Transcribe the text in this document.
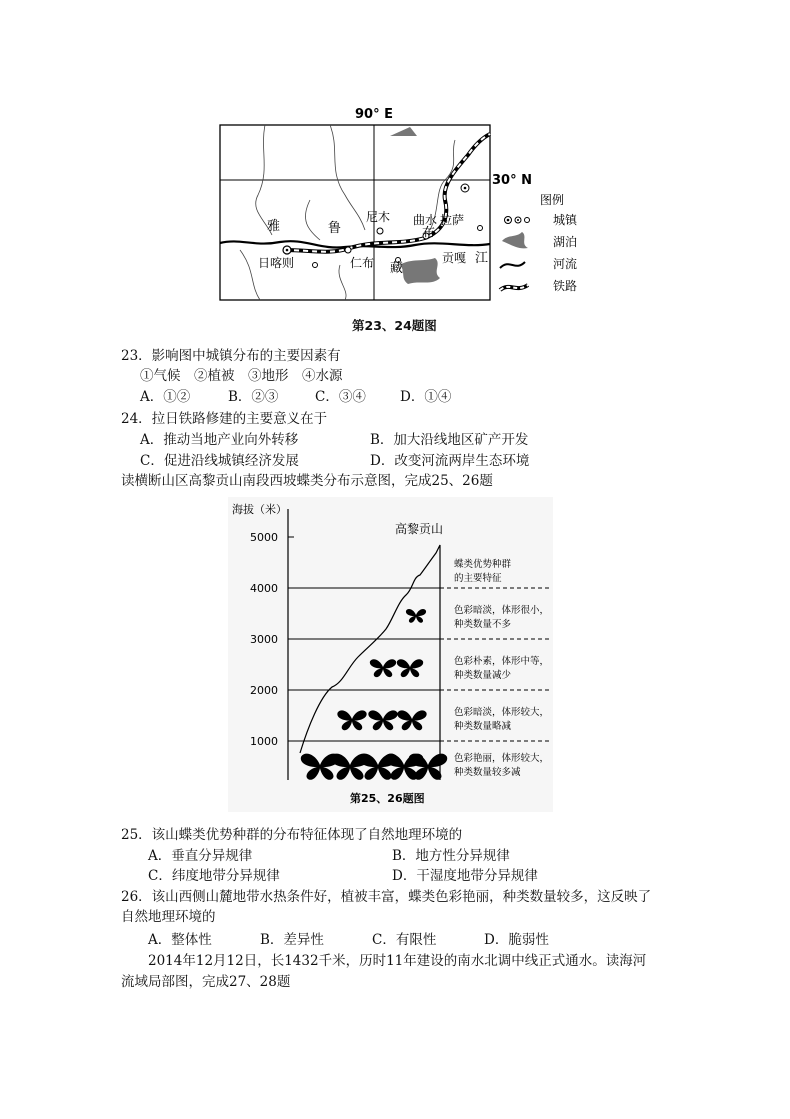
90° E
30° N
雅	鲁
藏
布
江
尼木 曲水 拉萨
日喀则	仁布	贡嘎
图例
城镇
湖泊
河流
铁路
第23、24题图
23．影响图中城镇分布的主要因素有
①气候　②植被　③地形　④水源
A．①②	B．②③	C．③④	D．①④
24．拉日铁路修建的主要意义在于
A．推动当地产业向外转移	B．加大沿线地区矿产开发
C．促进沿线城镇经济发展	D．改变河流两岸生态环境
读横断山区高黎贡山南段西坡蝶类分布示意图，完成25、26题
海拔（米）
5000
4000
3000
2000
1000
高黎贡山
蝶类优势种群
的主要特征
色彩暗淡，体形很小，
种类数量不多
色彩朴素，体形中等，
种类数量减少
色彩暗淡，体形较大，
种类数量略减
色彩艳丽，体形较大，
种类数量较多减
第25、26题图
25．该山蝶类优势种群的分布特征体现了自然地理环境的
A．垂直分异规律	B．地方性分异规律
C．纬度地带分异规律	D．干湿度地带分异规律
26．该山西侧山麓地带水热条件好，植被丰富，蝶类色彩艳丽，种类数量较多，这反映了
自然地理环境的
A．整体性	B．差异性	C．有限性	D．脆弱性
2014年12月12日，长1432千米，历时11年建设的南水北调中线正式通水。读海河
流域局部图，完成27、28题
